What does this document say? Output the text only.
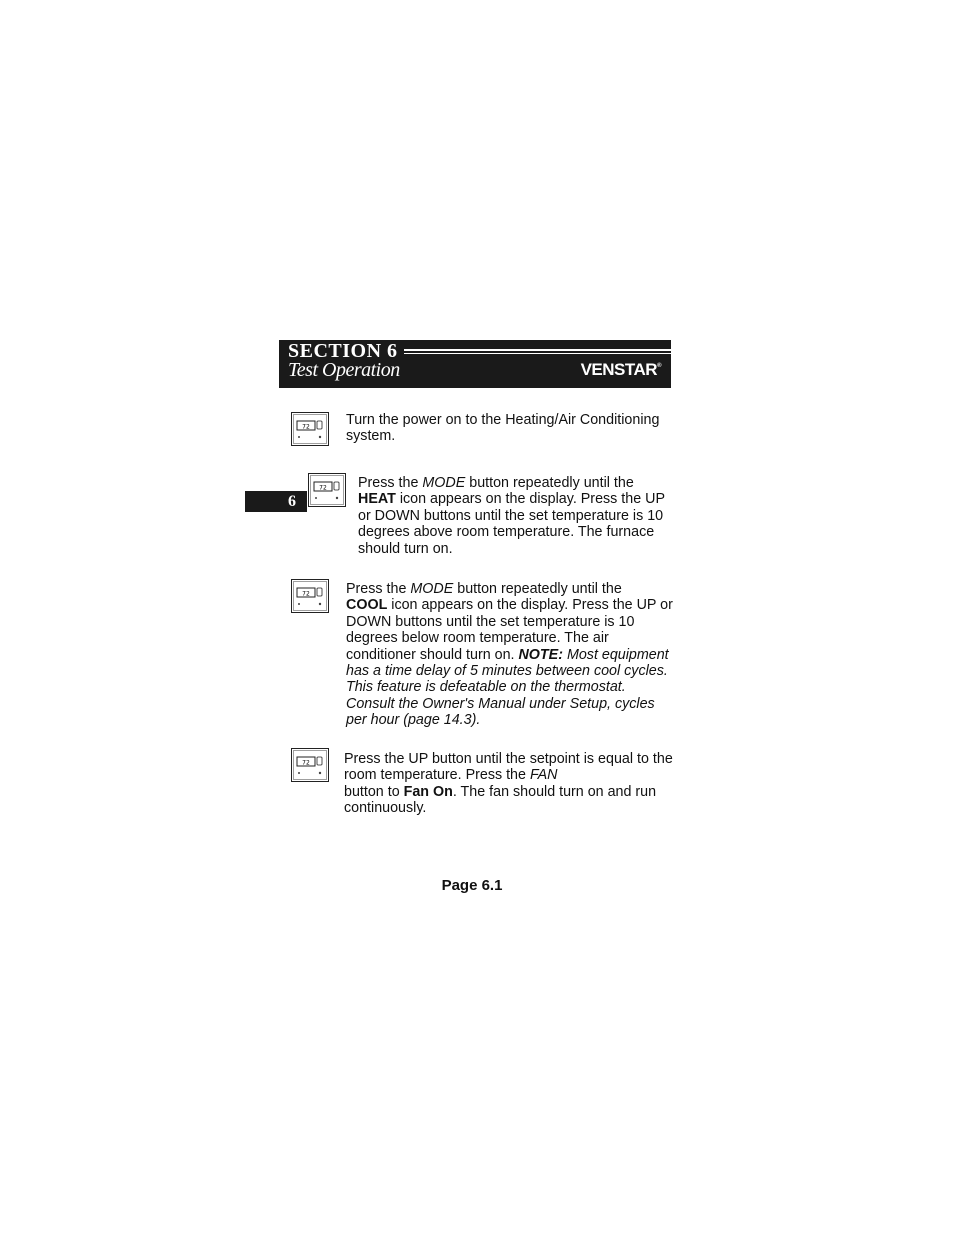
SECTION 6
Test Operation	VENSTAR®
6
72	Turn the power on to the Heating/Air Conditioning system.

72 Press the MODE button repeatedly until the
HEAT icon appears on the display. Press the UP or DOWN buttons until the set temperature is 10 degrees above room temperature. The furnace should turn on.

72	Press the MODE button repeatedly until the
COOL icon appears on the display. Press the UP or DOWN buttons until the set temperature is 10 degrees below room temperature. The air conditioner should turn on. NOTE: Most equipment has a time delay of 5 minutes between cool cycles. This feature is defeatable on the thermostat. Consult the Owner's Manual under Setup, cycles per hour (page 14.3).

72 Press the UP button until the setpoint is equal to the room temperature. Press the FAN
button to Fan On. The fan should turn on and run continuously.

Page 6.1
